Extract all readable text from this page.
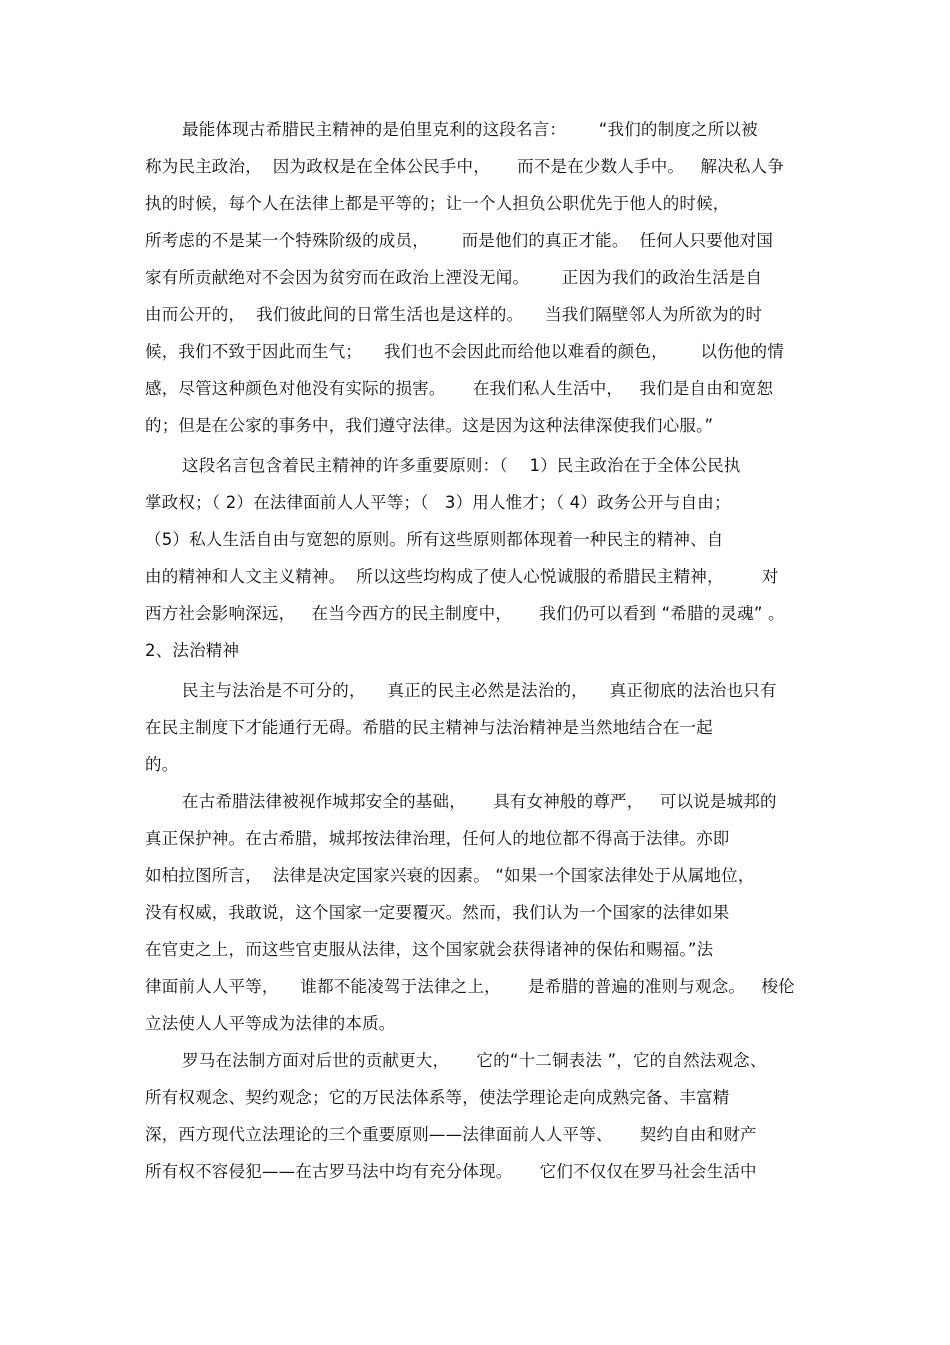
最能体现古希腊民主精神的是伯里克利的这段名言：      “我们的制度之所以被
称为民主政治，  因为政权是在全体公民手中，     而不是在少数人手中。   解决私人争
执的时候，每个人在法律上都是平等的；让一个人担负公职优先于他人的时候，
所考虑的不是某一个特殊阶级的成员，      而是他们的真正才能。  任何人只要他对国
家有所贡献绝对不会因为贫穷而在政治上湮没无闻。      正因为我们的政治生活是自
由而公开的，  我们彼此间的日常生活也是这样的。    当我们隔壁邻人为所欲为的时
候，我们不致于因此而生气；    我们也不会因此而给他以难看的颜色，      以伤他的情
感，尽管这种颜色对他没有实际的损害。     在我们私人生活中，   我们是自由和宽恕
的；但是在公家的事务中，我们遵守法律。这是因为这种法律深使我们心服。”
这段名言包含着民主精神的许多重要原则：（    1）民主政治在于全体公民执
掌政权；（ 2）在法律面前人人平等；（   3）用人惟才；（ 4）政务公开与自由；
（5）私人生活自由与宽恕的原则。所有这些原则都体现着一种民主的精神、自
由的精神和人文主义精神。  所以这些均构成了使人心悦诚服的希腊民主精神，       对
西方社会影响深远，   在当今西方的民主制度中，     我们仍可以看到 “希腊的灵魂” 。
2、法治精神
民主与法治是不可分的，    真正的民主必然是法治的，    真正彻底的法治也只有
在民主制度下才能通行无碍。希腊的民主精神与法治精神是当然地结合在一起
的。
在古希腊法律被视作城邦安全的基础，     具有女神般的尊严，   可以说是城邦的
真正保护神。在古希腊，城邦按法律治理，任何人的地位都不得高于法律。亦即
如柏拉图所言，  法律是决定国家兴衰的因素。 “如果一个国家法律处于从属地位，
没有权威，我敢说，这个国家一定要覆灭。然而，我们认为一个国家的法律如果
在官吏之上，而这些官吏服从法律，这个国家就会获得诸神的保佑和赐福。”法
律面前人人平等，    谁都不能凌驾于法律之上，     是希腊的普遍的准则与观念。   梭伦
立法使人人平等成为法律的本质。
罗马在法制方面对后世的贡献更大，     它的“十二铜表法 ”，它的自然法观念、
所有权观念、契约观念；它的万民法体系等，使法学理论走向成熟完备、丰富精
深，西方现代立法理论的三个重要原则——法律面前人人平等、     契约自由和财产
所有权不容侵犯——在古罗马法中均有充分体现。     它们不仅仅在罗马社会生活中
